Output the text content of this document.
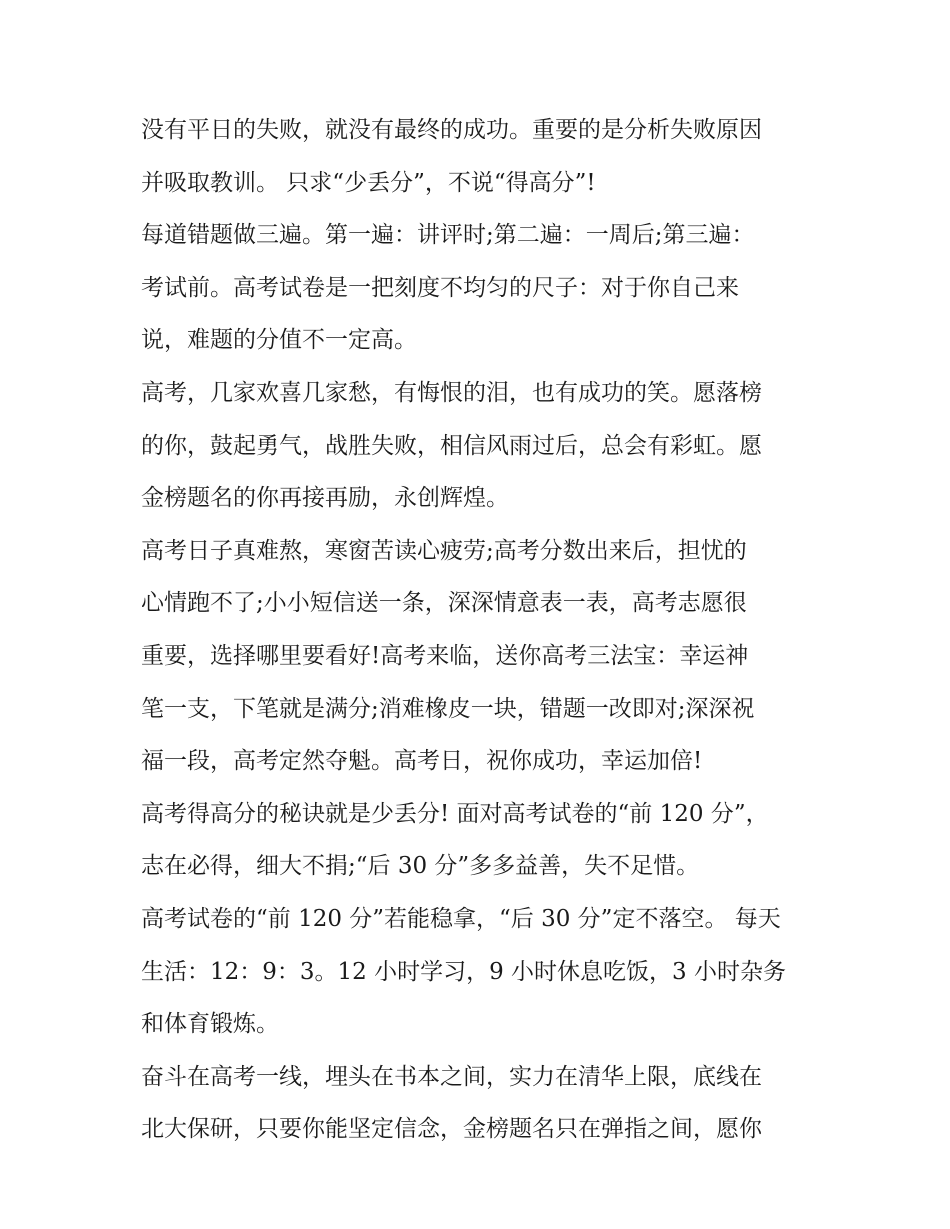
没有平日的失败，就没有最终的成功。重要的是分析失败原因
并吸取教训。 只求“少丢分”，不说“得高分”!
每道错题做三遍。第一遍：讲评时;第二遍：一周后;第三遍：
考试前。高考试卷是一把刻度不均匀的尺子：对于你自己来
说，难题的分值不一定高。
高考，几家欢喜几家愁，有悔恨的泪，也有成功的笑。愿落榜
的你，鼓起勇气，战胜失败，相信风雨过后，总会有彩虹。愿
金榜题名的你再接再励，永创辉煌。
高考日子真难熬，寒窗苦读心疲劳;高考分数出来后，担忧的
心情跑不了;小小短信送一条，深深情意表一表，高考志愿很
重要，选择哪里要看好!高考来临，送你高考三法宝：幸运神
笔一支，下笔就是满分;消难橡皮一块，错题一改即对;深深祝
福一段，高考定然夺魁。高考日，祝你成功，幸运加倍!
高考得高分的秘诀就是少丢分! 面对高考试卷的“前 120 分”，
志在必得，细大不捐;“后 30 分”多多益善，失不足惜。
高考试卷的“前 120 分”若能稳拿，“后 30 分”定不落空。 每天
生活：12：9：3。12 小时学习，9 小时休息吃饭，3 小时杂务
和体育锻炼。
奋斗在高考一线，埋头在书本之间，实力在清华上限，底线在
北大保研，只要你能坚定信念，金榜题名只在弹指之间，愿你
